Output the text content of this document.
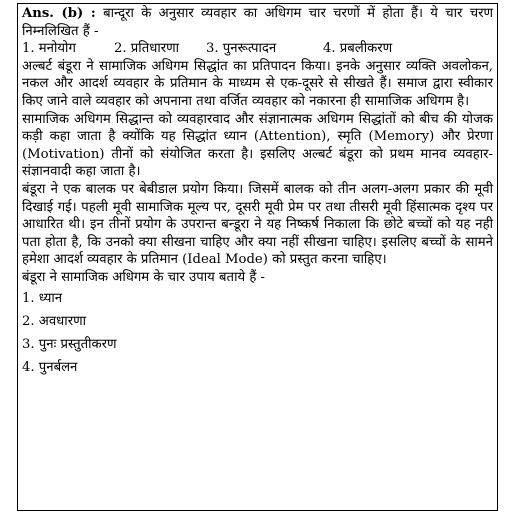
Ans. (b) : बान्दूरा के अनुसार व्यवहार का अधिगम चार चरणों में होता हैं। ये चार चरण निम्नलिखित हैं -

1. मनोयोग	2. प्रतिधारणा	3. पुनरूत्पादन	4. प्रबलीकरण

अल्बर्ट बंडूरा ने सामाजिक अधिगम सिद्धांत का प्रतिपादन किया। इनके अनुसार व्यक्ति अवलोकन, नकल और आदर्श व्यवहार के प्रतिमान के माध्यम से एक-दूसरे से सीखते हैं। समाज द्वारा स्वीकार किए जाने वाले व्यवहार को अपनाना तथा वर्जित व्यवहार को नकारना ही सामाजिक अधिगम है।

सामाजिक अधिगम सिद्धान्त को व्यवहारवाद और संज्ञानात्मक अधिगम सिद्धांतों को बीच की योजक कड़ी कहा जाता है क्योंकि यह सिद्धांत ध्यान (Attention), स्मृति (Memory) और प्रेरणा (Motivation) तीनों को संयोजित करता है। इसलिए अल्बर्ट बंडूरा को प्रथम मानव व्यवहार-संज्ञानवादी कहा जाता है।

बंडूरा ने एक बालक पर बेबीडाल प्रयोग किया। जिसमें बालक को तीन अलग-अलग प्रकार की मूवी दिखाई गई। पहली मूवी सामाजिक मूल्य पर, दूसरी मूवी प्रेम पर तथा तीसरी मूवी हिंसात्मक दृश्य पर आधारित थी। इन तीनों प्रयोग के उपरान्त बन्डूरा ने यह निष्कर्ष निकाला कि छोटे बच्चों को यह नही पता होता है, कि उनको क्या सीखना चाहिए और क्या नहीं सीखना चाहिए। इसलिए बच्चों के सामने हमेशा आदर्श व्यवहार के प्रतिमान (Ideal Mode) को प्रस्तुत करना चाहिए।

बंडूरा ने सामाजिक अधिगम के चार उपाय बताये हैं -

1. ध्यान

2. अवधारणा

3. पुनः प्रस्तुतीकरण

4. पुनर्बलन
